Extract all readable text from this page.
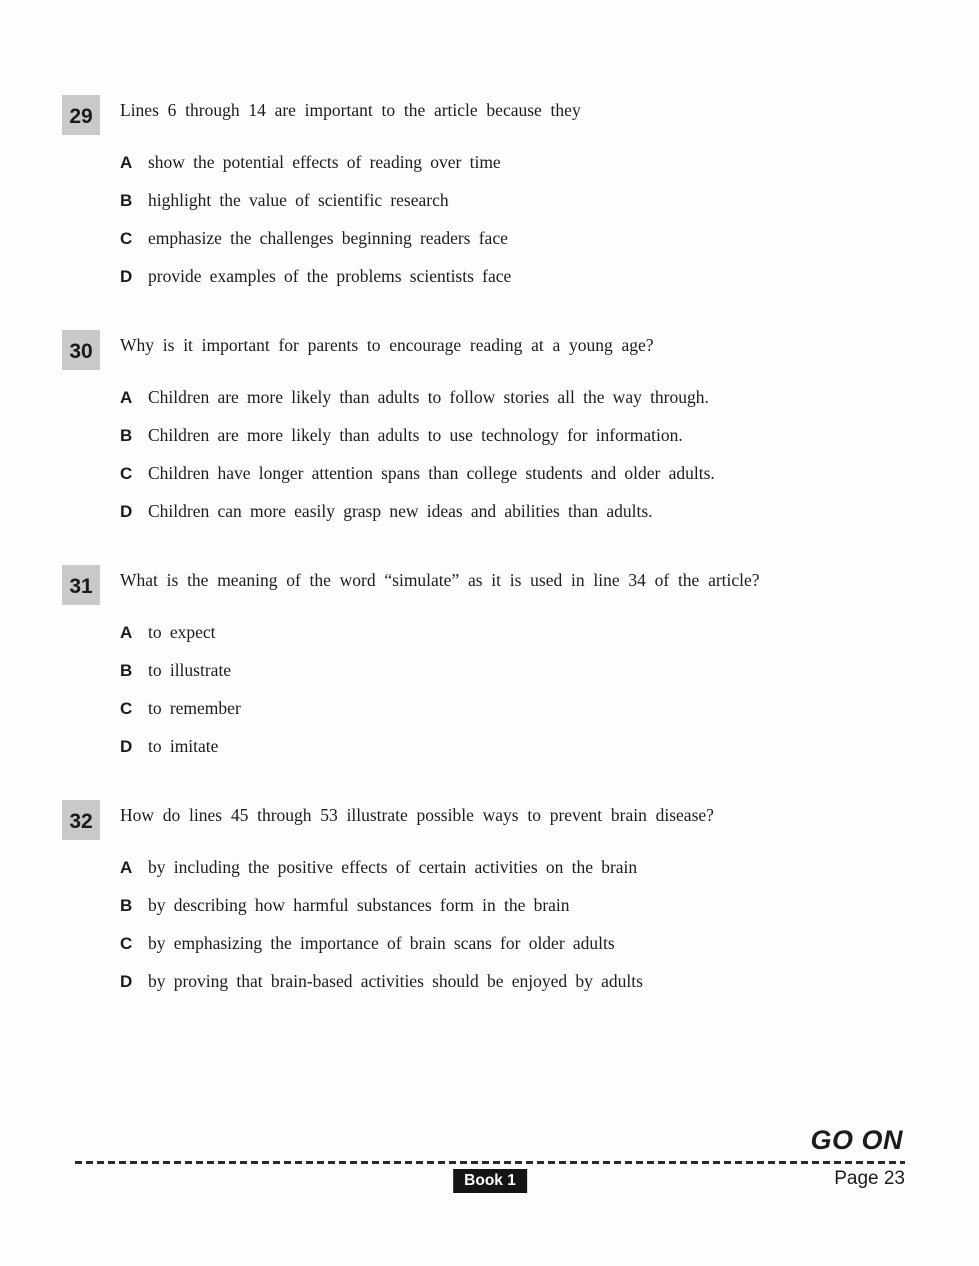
29	Lines 6 through 14 are important to the article because they
A show the potential effects of reading over time
B highlight the value of scientific research
C emphasize the challenges beginning readers face
D provide examples of the problems scientists face
30	Why is it important for parents to encourage reading at a young age?
A Children are more likely than adults to follow stories all the way through.
B Children are more likely than adults to use technology for information.
C Children have longer attention spans than college students and older adults.
D Children can more easily grasp new ideas and abilities than adults.
31	What is the meaning of the word “simulate” as it is used in line 34 of the article?
A to expect
B to illustrate
C to remember
D to imitate
32	How do lines 45 through 53 illustrate possible ways to prevent brain disease?
A by including the positive effects of certain activities on the brain
B by describing how harmful substances form in the brain
C by emphasizing the importance of brain scans for older adults
D by proving that brain-based activities should be enjoyed by adults
GO ON
Book 1	Page 23
